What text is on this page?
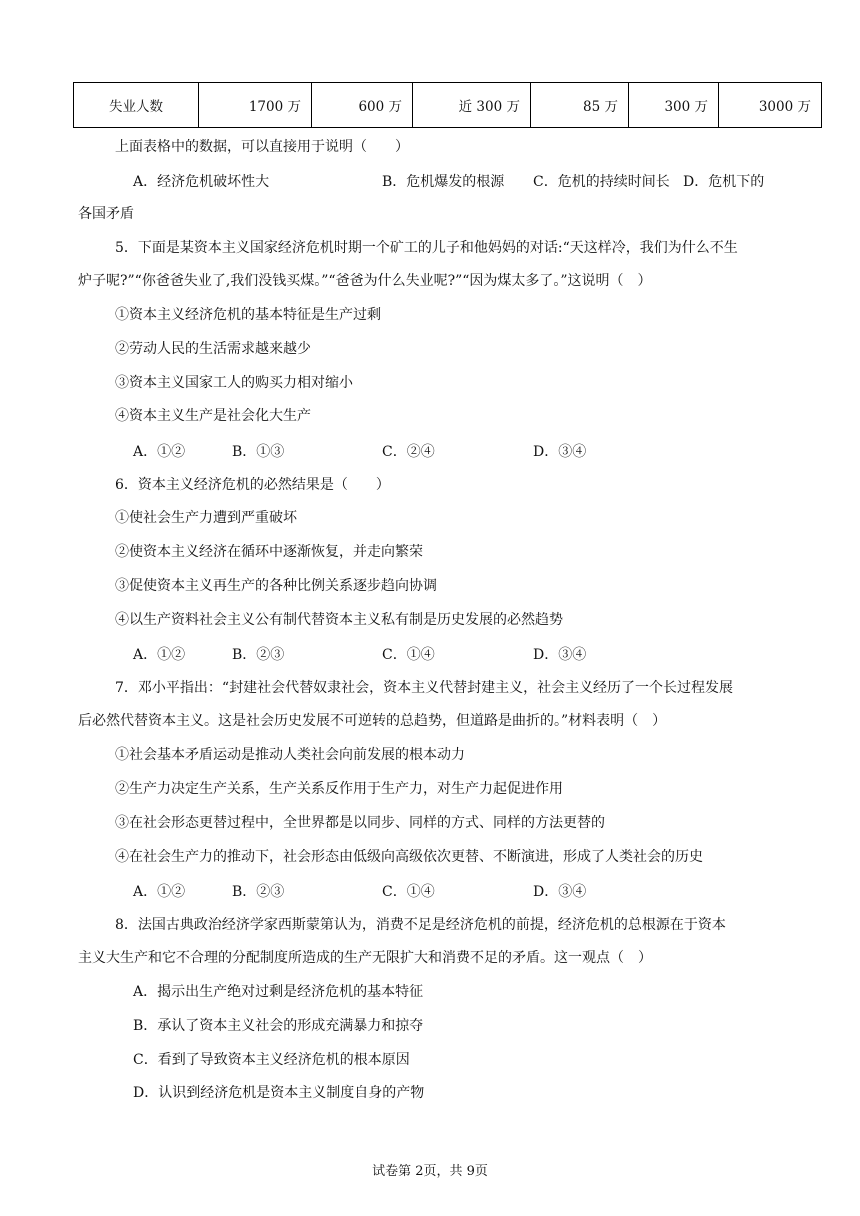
失业人数	1700 万	600 万	近 300 万	85 万	300 万	3000 万
上面表格中的数据，可以直接用于说明（　　）
A．经济危机破坏性大	B．危机爆发的根源 C．危机的持续时间长 D．危机下的
各国矛盾
5．下面是某资本主义国家经济危机时期一个矿工的儿子和他妈妈的对话:“天这样冷，我们为什么不生
炉子呢?”“你爸爸失业了,我们没钱买煤。”“爸爸为什么失业呢?”“因为煤太多了。”这说明（　）
①资本主义经济危机的基本特征是生产过剩
②劳动人民的生活需求越来越少
③资本主义国家工人的购买力相对缩小
④资本主义生产是社会化大生产
A．①②	B．①③	C．②④	D．③④
6．资本主义经济危机的必然结果是（　　）
①使社会生产力遭到严重破坏
②使资本主义经济在循环中逐渐恢复，并走向繁荣
③促使资本主义再生产的各种比例关系逐步趋向协调
④以生产资料社会主义公有制代替资本主义私有制是历史发展的必然趋势
A．①②	B．②③	C．①④	D．③④
7．邓小平指出：“封建社会代替奴隶社会，资本主义代替封建主义，社会主义经历了一个长过程发展
后必然代替资本主义。这是社会历史发展不可逆转的总趋势，但道路是曲折的。”材料表明（　）
①社会基本矛盾运动是推动人类社会向前发展的根本动力
②生产力决定生产关系，生产关系反作用于生产力，对生产力起促进作用
③在社会形态更替过程中，全世界都是以同步、同样的方式、同样的方法更替的
④在社会生产力的推动下，社会形态由低级向高级依次更替、不断演进，形成了人类社会的历史
A．①②	B．②③	C．①④	D．③④
8．法国古典政治经济学家西斯蒙第认为，消费不足是经济危机的前提，经济危机的总根源在于资本
主义大生产和它不合理的分配制度所造成的生产无限扩大和消费不足的矛盾。这一观点（　）
A．揭示出生产绝对过剩是经济危机的基本特征
B．承认了资本主义社会的形成充满暴力和掠夺
C．看到了导致资本主义经济危机的根本原因
D．认识到经济危机是资本主义制度自身的产物
试卷第 2页，共 9页
